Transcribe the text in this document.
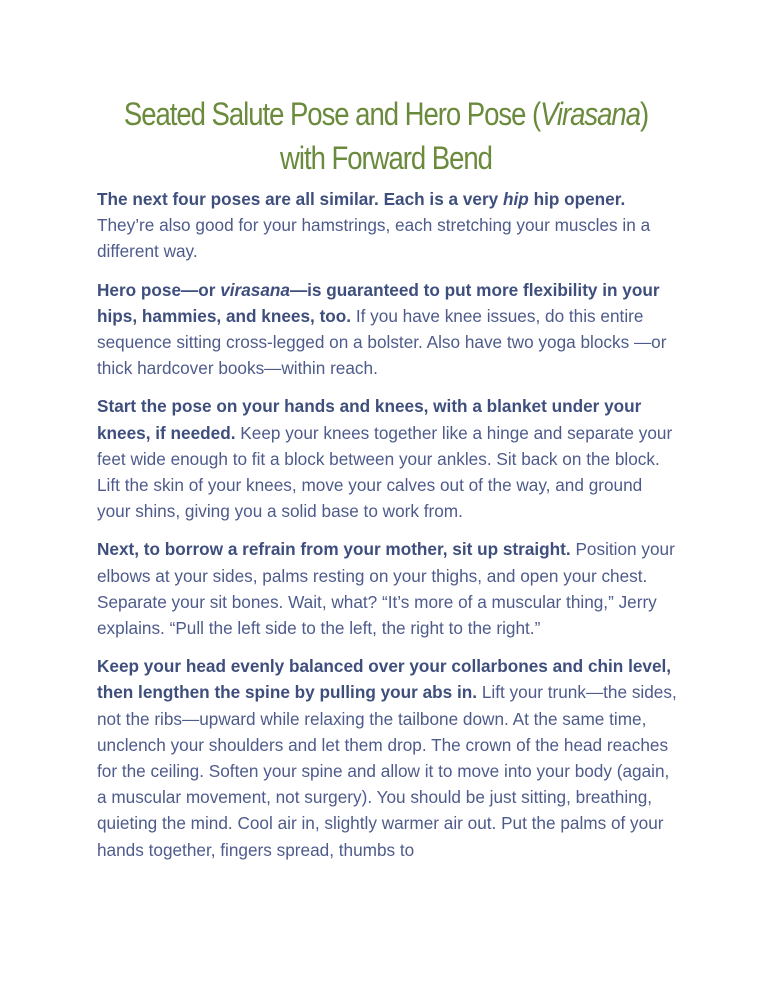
Seated Salute Pose and Hero Pose (Virasana) with Forward Bend

The next four poses are all similar. Each is a very hip hip opener. They’re also good for your hamstrings, each stretching your muscles in a different way.

Hero pose—or virasana—is guaranteed to put more flexibility in your hips, hammies, and knees, too. If you have knee issues, do this entire sequence sitting cross-legged on a bolster. Also have two yoga blocks —or thick hardcover books—within reach.

Start the pose on your hands and knees, with a blanket under your knees, if needed. Keep your knees together like a hinge and separate your feet wide enough to fit a block between your ankles. Sit back on the block. Lift the skin of your knees, move your calves out of the way, and ground your shins, giving you a solid base to work from.

Next, to borrow a refrain from your mother, sit up straight. Position your elbows at your sides, palms resting on your thighs, and open your chest. Separate your sit bones. Wait, what? “It’s more of a muscular thing,” Jerry explains. “Pull the left side to the left, the right to the right.”

Keep your head evenly balanced over your collarbones and chin level, then lengthen the spine by pulling your abs in. Lift your trunk—the sides, not the ribs—upward while relaxing the tailbone down. At the same time, unclench your shoulders and let them drop. The crown of the head reaches for the ceiling. Soften your spine and allow it to move into your body (again, a muscular movement, not surgery). You should be just sitting, breathing, quieting the mind. Cool air in, slightly warmer air out. Put the palms of your hands together, fingers spread, thumbs to
